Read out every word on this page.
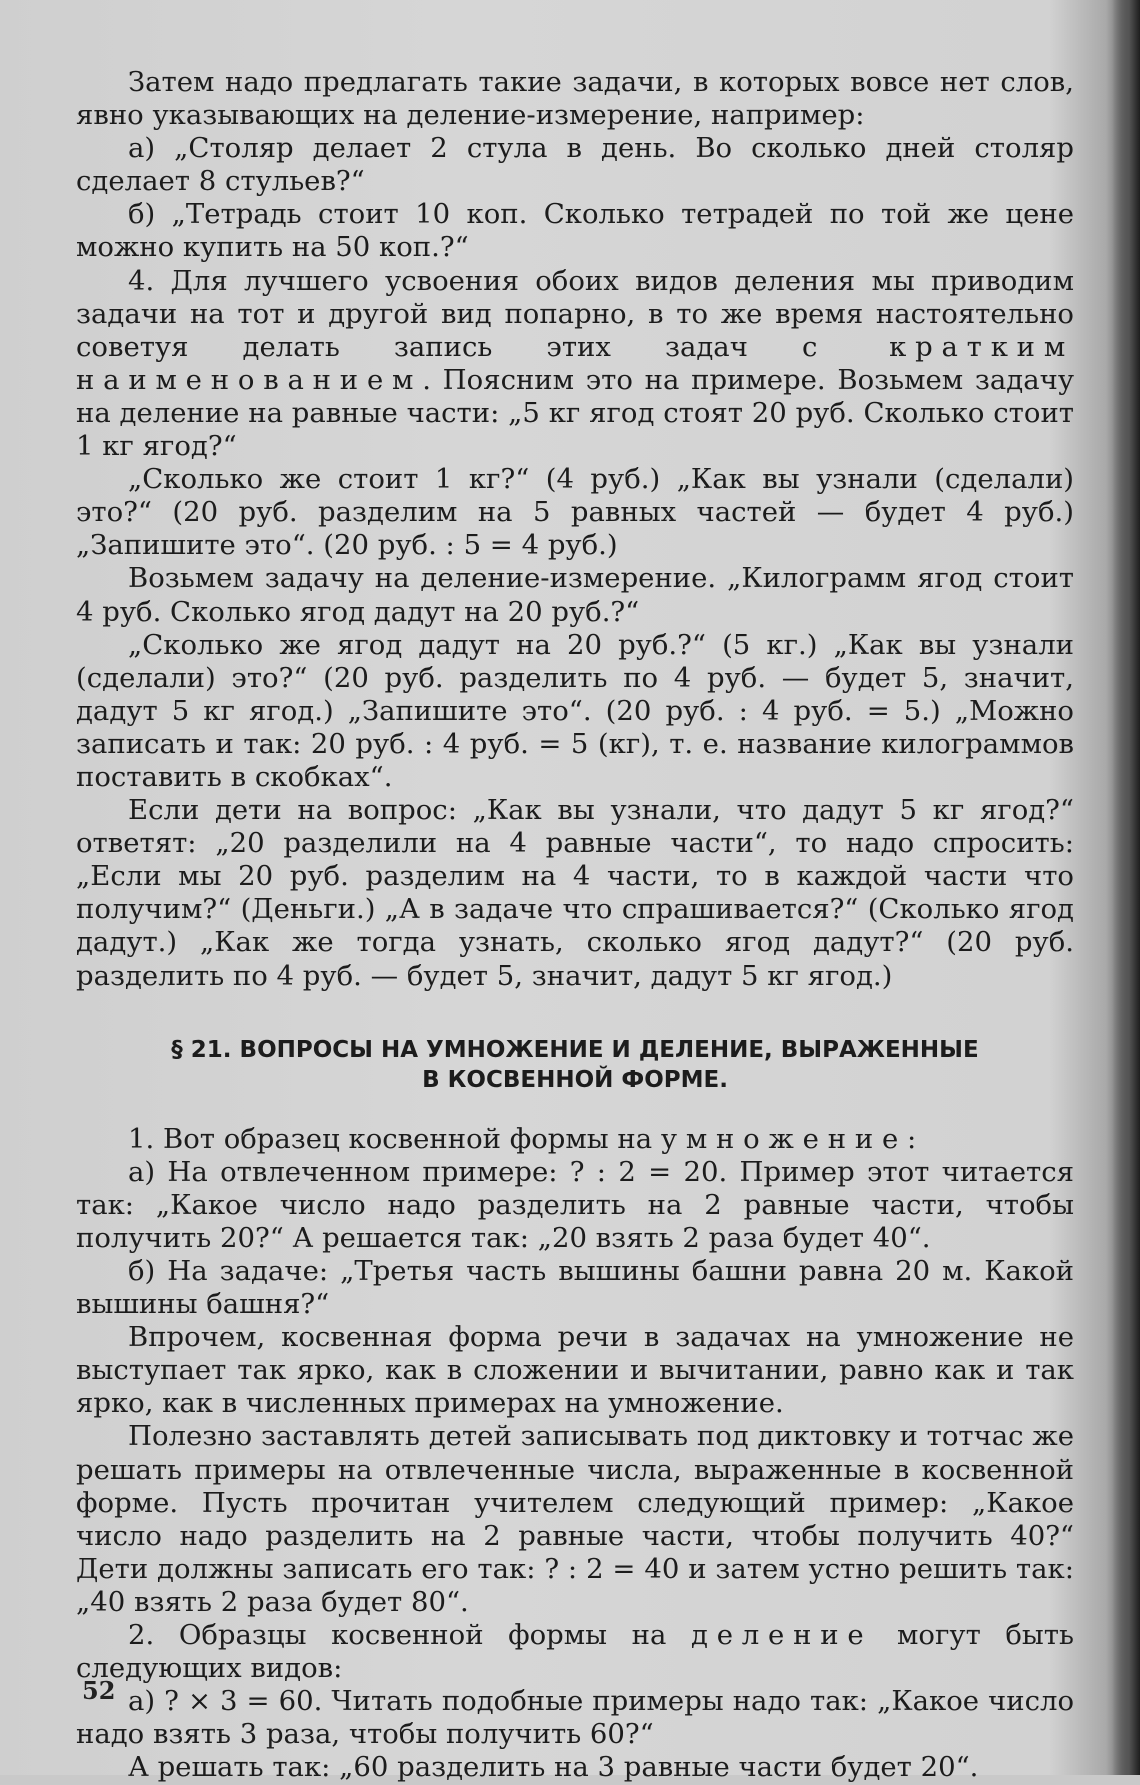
Затем надо предлагать такие задачи, в которых вовсе нет слов, явно указывающих на деление-измерение, например:

а) „Столяр делает 2 стула в день. Во сколько дней столяр сделает 8 стульев?“

б) „Тетрадь стоит 10 коп. Сколько тетрадей по той же цене можно купить на 50 коп.?“

4. Для лучшего усвоения обоих видов деления мы приводим задачи на тот и другой вид попарно, в то же время настоятельно советуя делать запись этих задач с кратким наименованием. Поясним это на примере. Возьмем задачу на деление на равные части: „5 кг ягод стоят 20 руб. Сколько стоит 1 кг ягод?“

„Сколько же стоит 1 кг?“ (4 руб.) „Как вы узнали (сделали) это?“ (20 руб. разделим на 5 равных частей — будет 4 руб.) „Запишите это“. (20 руб. : 5 = 4 руб.)

Возьмем задачу на деление-измерение. „Килограмм ягод стоит 4 руб. Сколько ягод дадут на 20 руб.?“

„Сколько же ягод дадут на 20 руб.?“ (5 кг.) „Как вы узнали (сделали) это?“ (20 руб. разделить по 4 руб. — будет 5, значит, дадут 5 кг ягод.) „Запишите это“. (20 руб. : 4 руб. = 5.) „Можно записать и так: 20 руб. : 4 руб. = 5 (кг), т. е. название килограммов поставить в скобках“.

Если дети на вопрос: „Как вы узнали, что дадут 5 кг ягод?“ ответят: „20 разделили на 4 равные части“, то надо спросить: „Если мы 20 руб. разделим на 4 части, то в каждой части что получим?“ (Деньги.) „А в задаче что спрашивается?“ (Сколько ягод дадут.) „Как же тогда узнать, сколько ягод дадут?“ (20 руб. разделить по 4 руб. — будет 5, значит, дадут 5 кг ягод.)

§ 21. ВОПРОСЫ НА УМНОЖЕНИЕ И ДЕЛЕНИЕ, ВЫРАЖЕННЫЕ
В КОСВЕННОЙ ФОРМЕ.

1. Вот образец косвенной формы на умножение:

а) На отвлеченном примере: ? : 2 = 20. Пример этот читается так: „Какое число надо разделить на 2 равные части, чтобы получить 20?“ А решается так: „20 взять 2 раза будет 40“.

б) На задаче: „Третья часть вышины башни равна 20 м. Какой вышины башня?“

Впрочем, косвенная форма речи в задачах на умножение не выступает так ярко, как в сложении и вычитании, равно как и так ярко, как в численных примерах на умножение.

Полезно заставлять детей записывать под диктовку и тотчас же решать примеры на отвлеченные числа, выраженные в косвенной форме. Пусть прочитан учителем следующий пример: „Какое число надо разделить на 2 равные части, чтобы получить 40?“ Дети должны записать его так: ? : 2 = 40 и затем устно решить так: „40 взять 2 раза будет 80“.

2. Образцы косвенной формы на деление могут быть следующих видов:

а) ? × 3 = 60. Читать подобные примеры надо так: „Какое число надо взять 3 раза, чтобы получить 60?“

А решать так: „60 разделить на 3 равные части будет 20“.

52
